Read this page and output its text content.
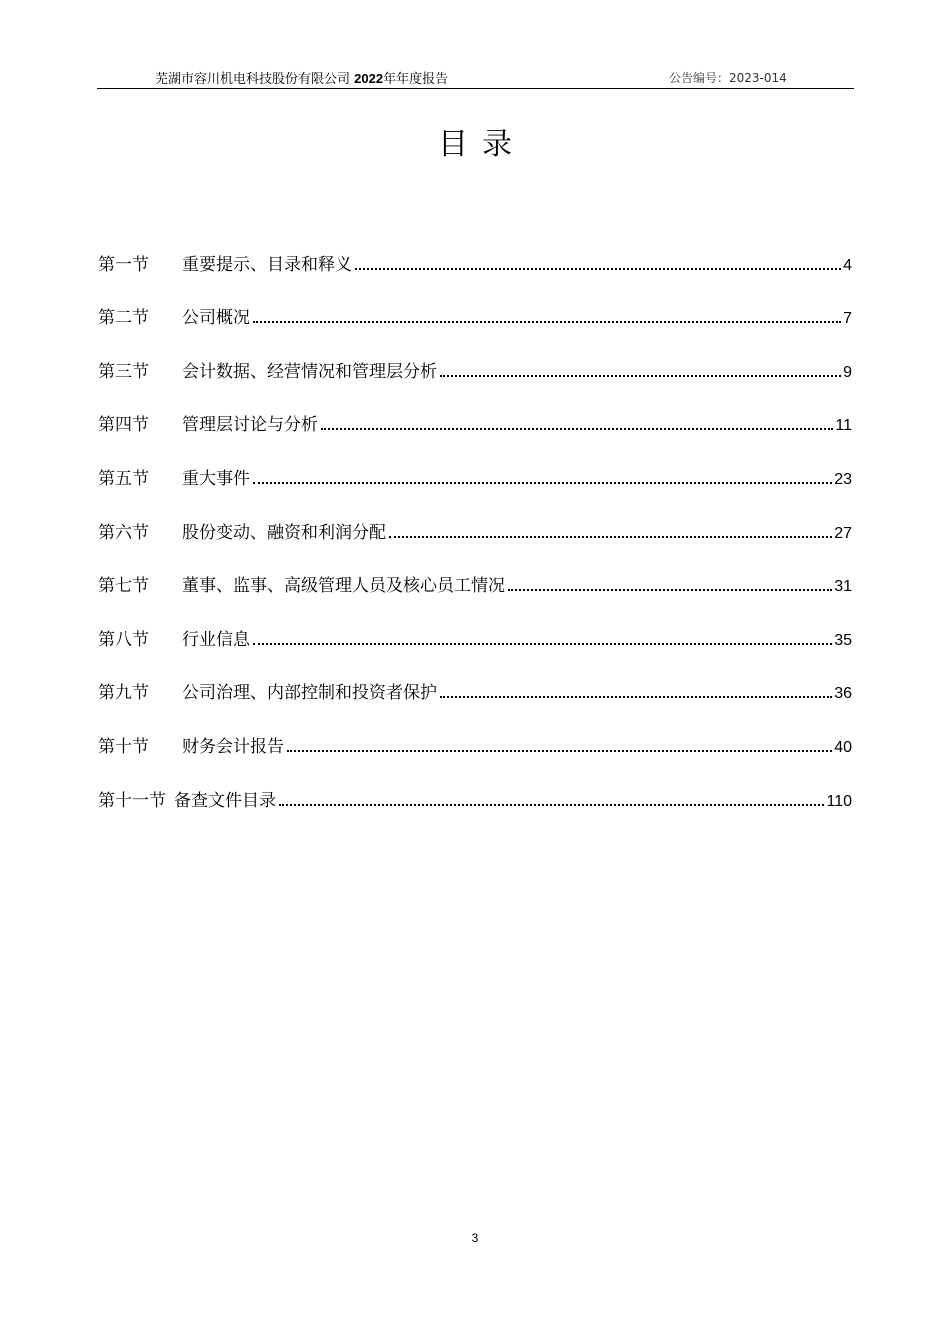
芜湖市容川机电科技股份有限公司 2022年年度报告	公告编号：2023-014
目录
第一节	重要提示、目录和释义	4
第二节	公司概况	7
第三节	会计数据、经营情况和管理层分析	9
第四节	管理层讨论与分析	11
第五节	重大事件	23
第六节	股份变动、融资和利润分配	27
第七节	董事、监事、高级管理人员及核心员工情况	31
第八节	行业信息	35
第九节	公司治理、内部控制和投资者保护	36
第十节	财务会计报告	40
第十一节 备查文件目录	110
3
